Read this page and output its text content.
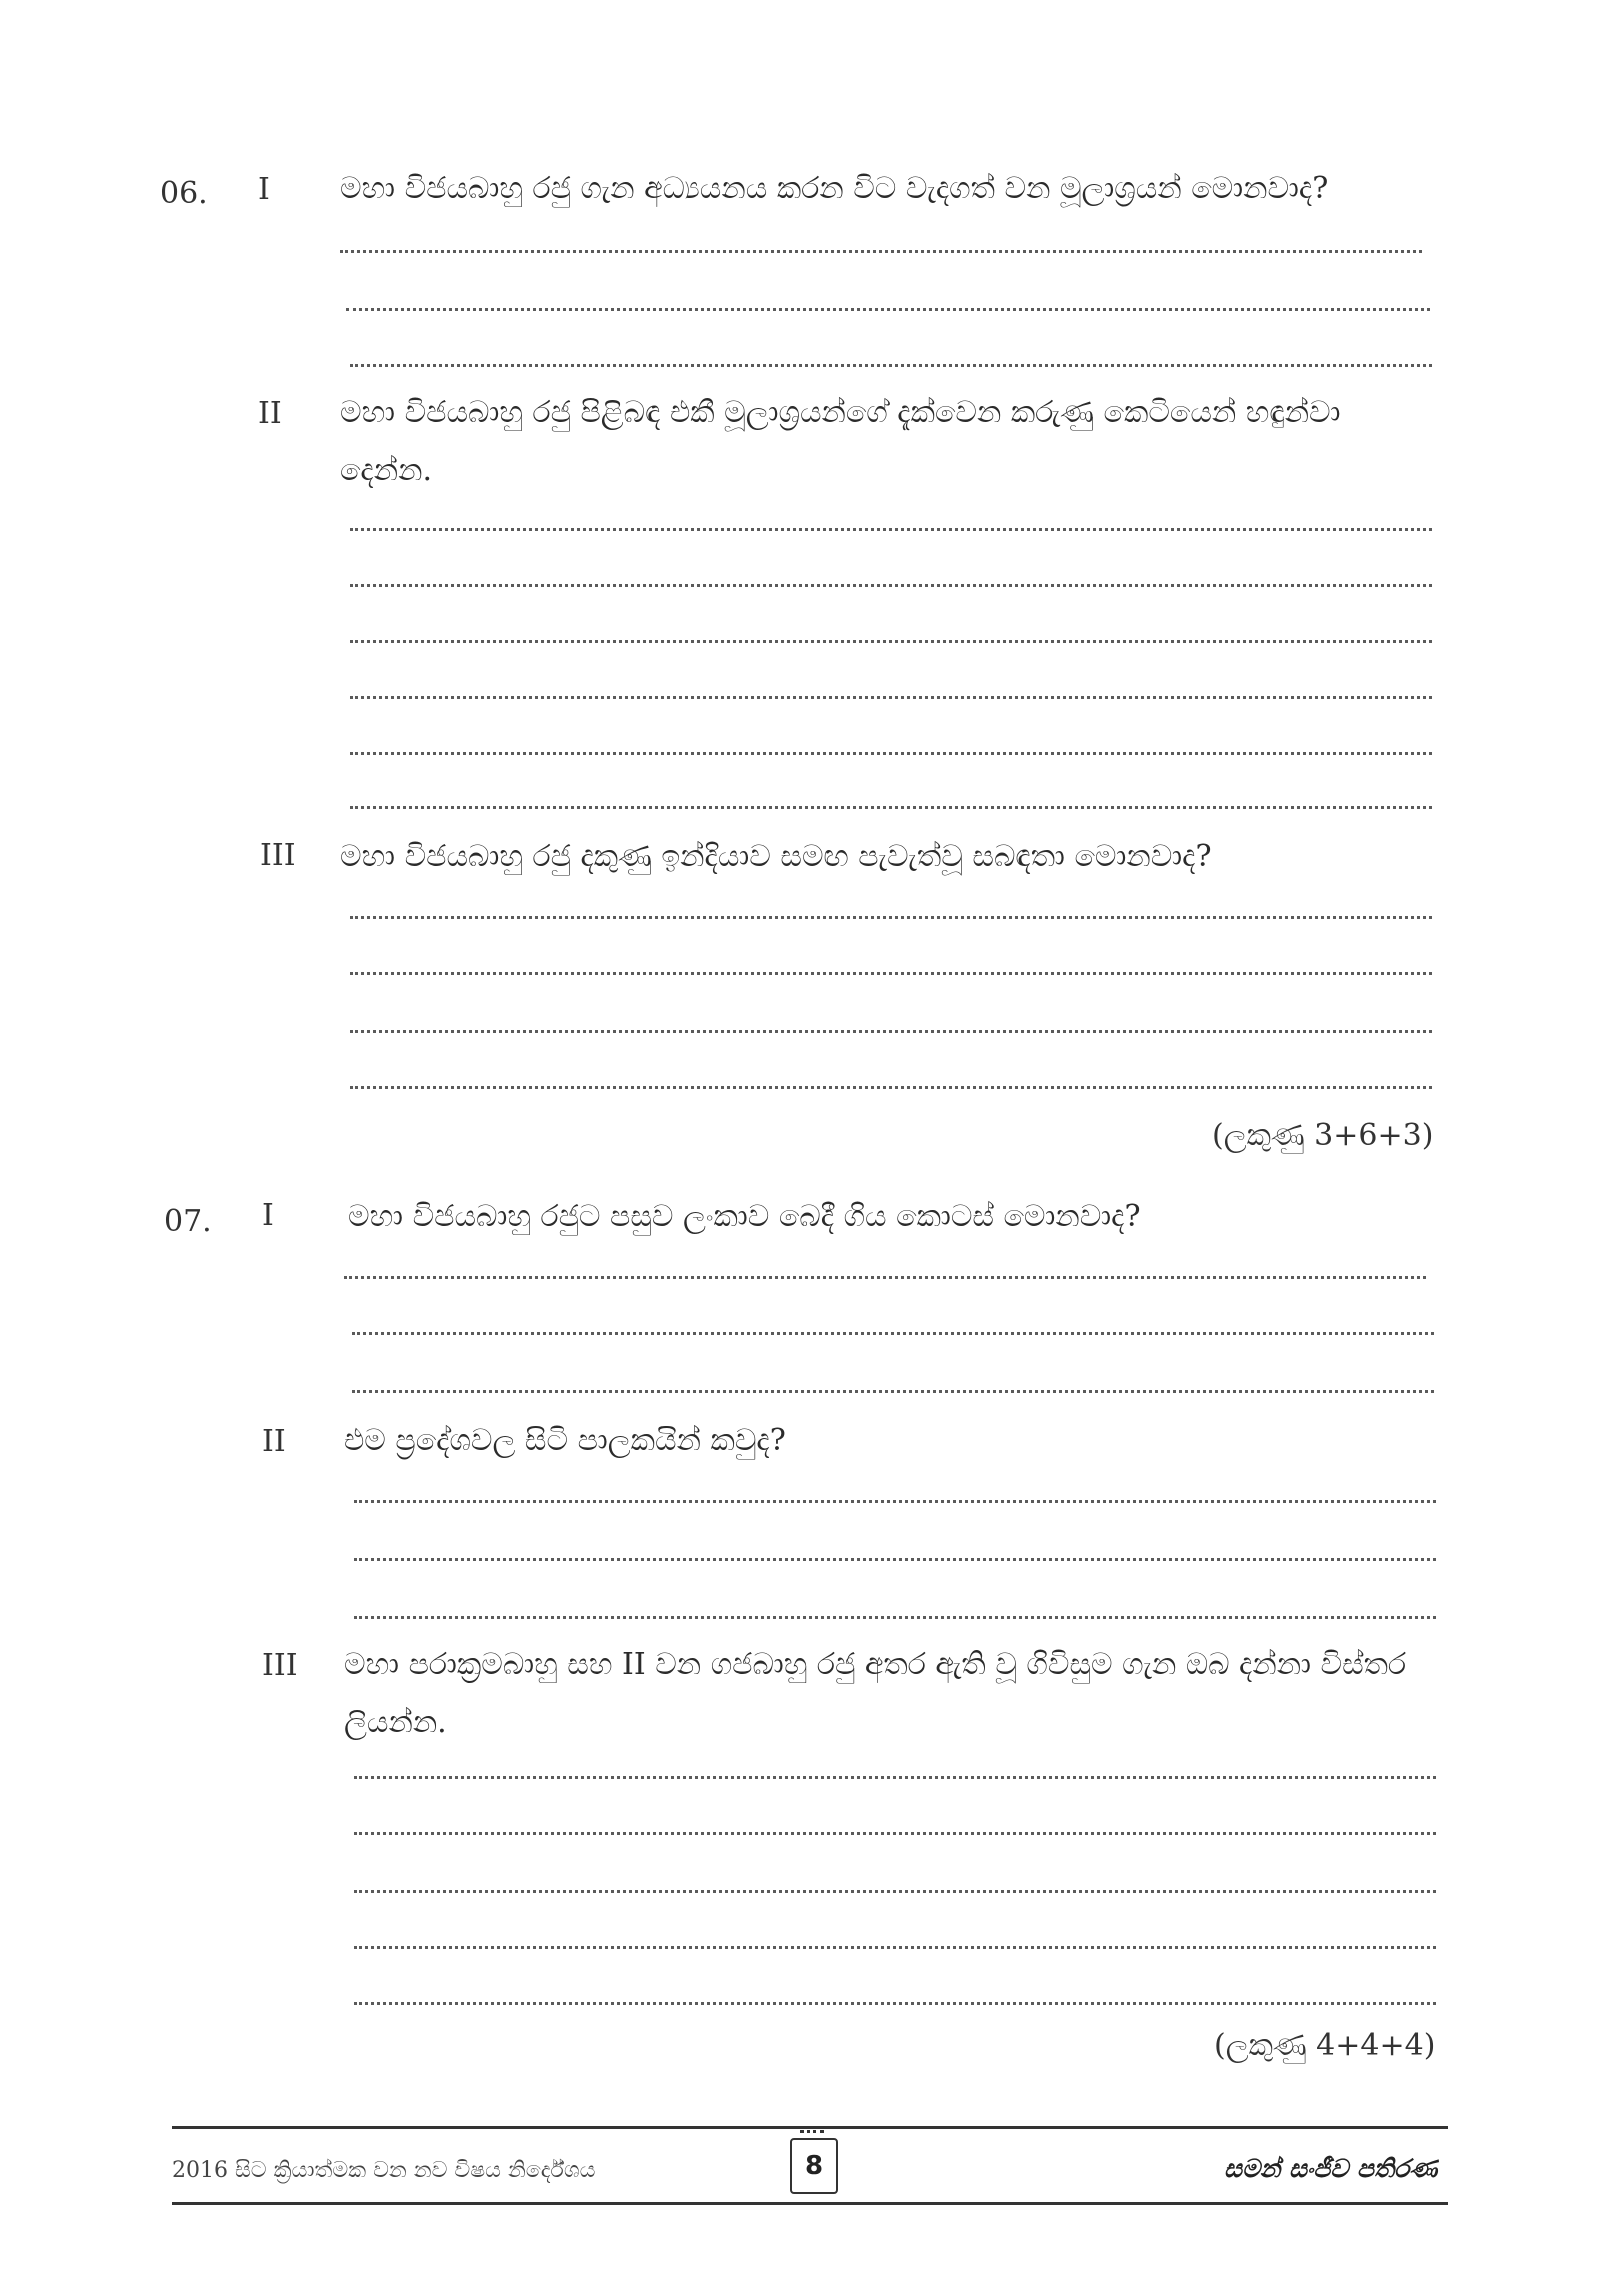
06. I මහා විජයබාහු රජු ගැන අධ්‍යයනය කරන විට වැදගත් වන මූලාශ්‍රයන් මොනවාද?
II මහා විජයබාහු රජු පිළිබඳ එකී මූලාශ්‍රයන්ගේ දැක්වෙන කරුණු කෙටියෙන් හඳුන්වා දෙන්න.
III මහා විජයබාහු රජු දකුණු ඉන්දියාව සමඟ පැවැත්වූ සබඳතා මොනවාද?
(ලකුණු 3+6+3)
07. I මහා විජයබාහු රජුට පසුව ලංකාව බෙදී ගිය කොටස් මොනවාද?
II එම ප්‍රදේශවල සිටි පාලකයින් කවුද?
III මහා පරාක්‍රමබාහු සහ II වන ගජබාහු රජු අතර ඇති වූ ගිවිසුම ගැන ඔබ දන්නා විස්තර ලියන්න.
(ලකුණු 4+4+4)
2016 සිට ක්‍රියාත්මක වන නව විෂය නිර්දේශය	8	සමන් සංජීව පතිරණ
